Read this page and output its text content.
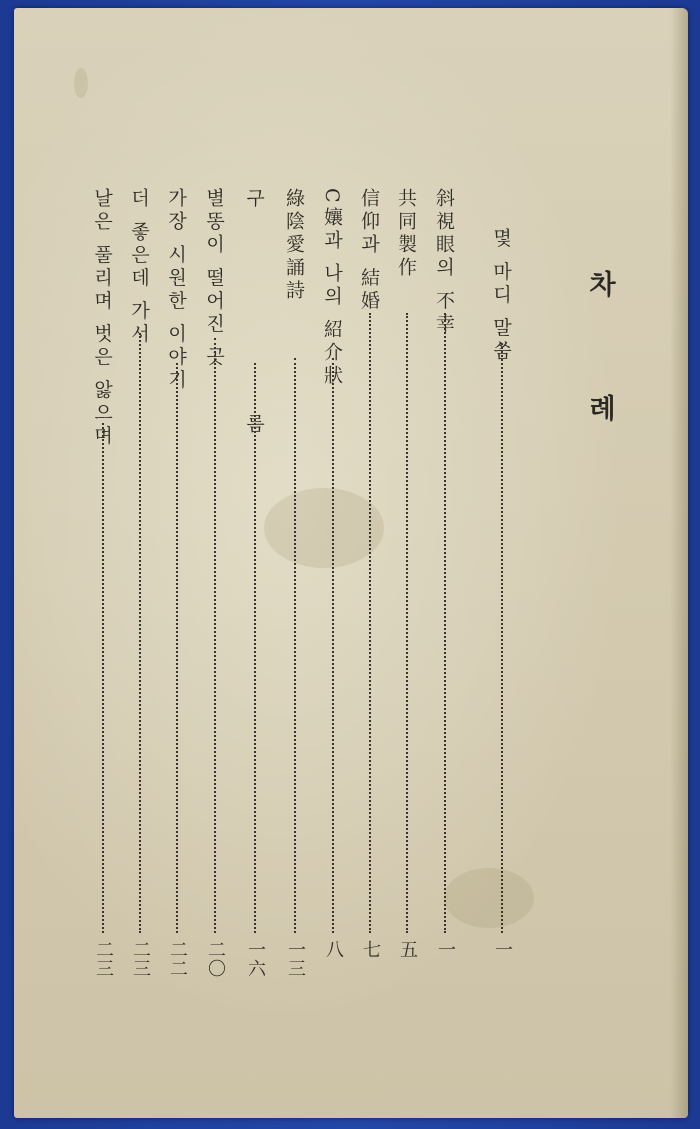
차 례
몇 마디 말씀
一
斜視眼의 不幸
一
共同製作
五
信仰과 結婚
七
C孃과 나의 紹介狀
八
綠陰愛誦詩
一三
구 름
一六
별똥이 떨어진 곳
二〇
가장 시원한 이야기
二二
더 좋은데 가서
二三
날은 풀리며 벗은 앓으며
二三
